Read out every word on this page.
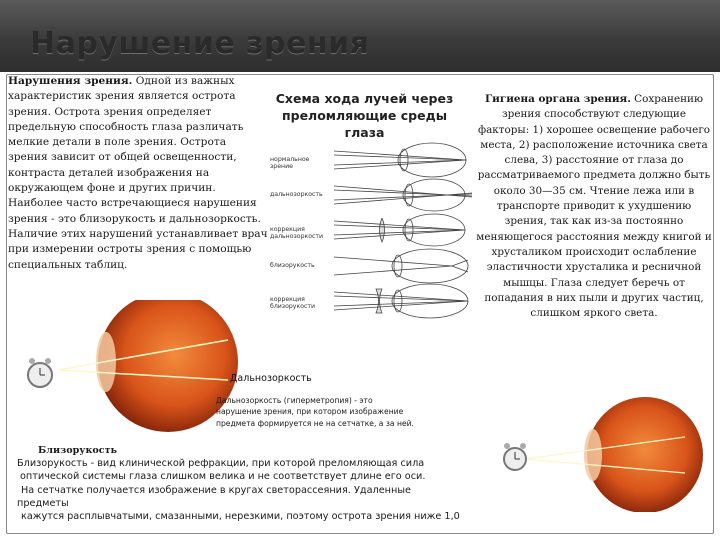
Нарушение зрения
Нарушения зрения. Одной из важных характеристик зрения является острота зрения. Острота зрения определяет предельную способность глаза различать мелкие детали в поле зрения. Острота зрения зависит от общей освещенности, контраста деталей изображения на окружающем фоне и других причин. Наиболее часто встречающиеся нарушения зрения - это близорукость и дальнозоркость. Наличие этих нарушений устанавливает врач при измерении остроты зрения с помощью специальных таблиц.
Схема хода лучей через преломляющие среды глаза
нормальное зрение
дальнозоркость
коррекция дальнозоркости
близорукость
коррекция близорукости
Гигиена органа зрения. Сохранению зрения способствуют следующие факторы: 1) хорошее освещение рабочего места, 2) расположение источника света слева, 3) расстояние от глаза до рассматриваемого предмета должно быть около 30—35 см. Чтение лежа или в транспорте приводит к ухудшению зрения, так как из-за постоянно меняющегося расстояния между книгой и хрусталиком происходит ослабление эластичности хрусталика и ресничной мышцы. Глаза следует беречь от попадания в них пыли и других частиц, слишком яркого света.
Дальнозоркость
Дальнозоркость (гиперметропия) - это нарушение зрения, при котором изображение предмета формируется не на сетчатке, а за ней.
Близорукость
Близорукость - вид клинической рефракции, при которой преломляющая сила
оптической системы глаза слишком велика и не соответствует длине его оси.
На сетчатке получается изображение в кругах светорассеяния. Удаленные
предметы
кажутся расплывчатыми, смазанными, нерезкими, поэтому острота зрения ниже 1,0
